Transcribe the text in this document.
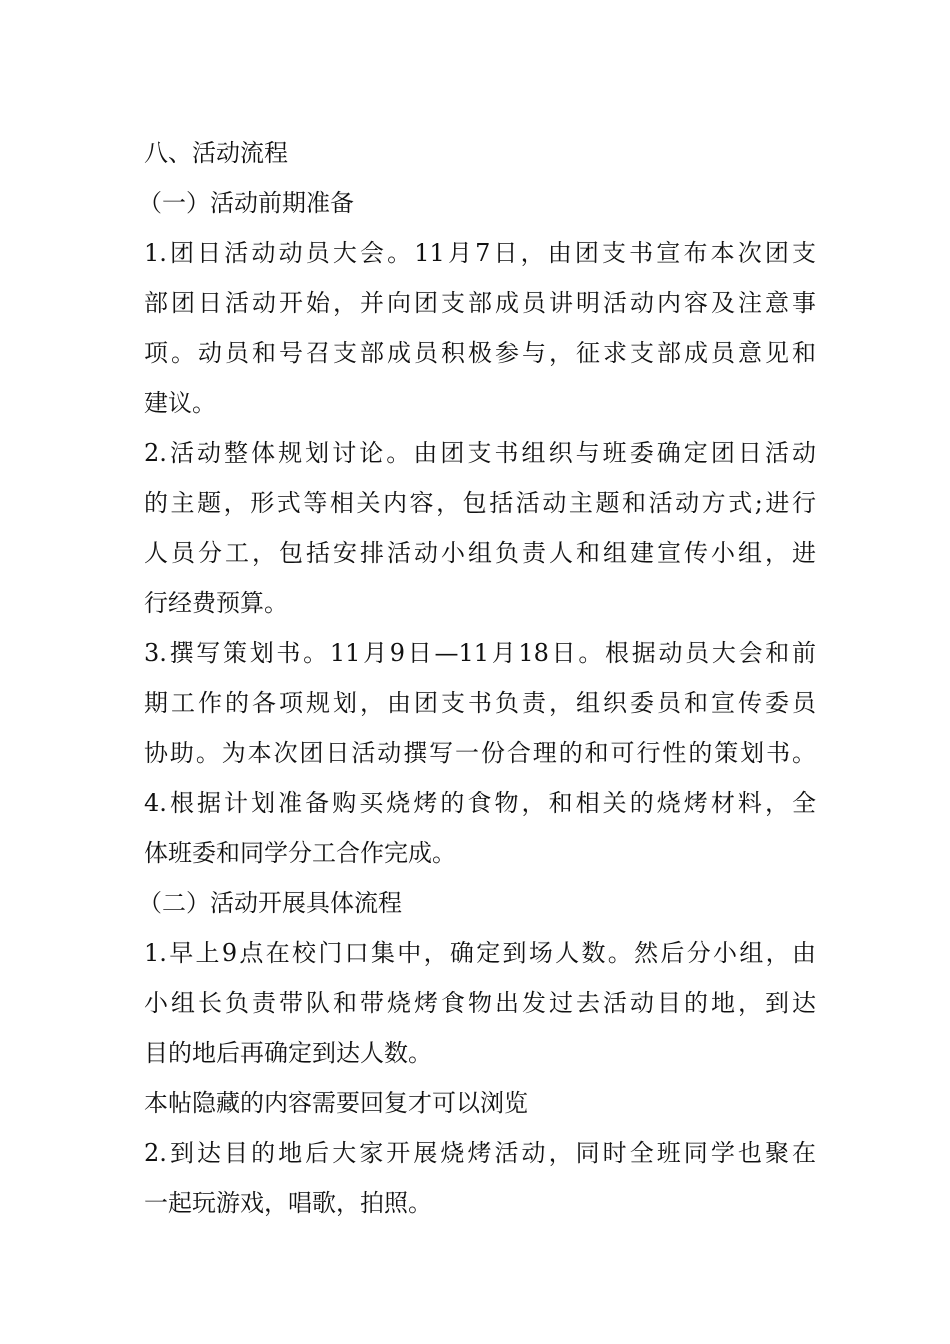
八、活动流程
（一）活动前期准备
1.团日活动动员大会。11月7日，由团支书宣布本次团支
部团日活动开始，并向团支部成员讲明活动内容及注意事
项。动员和号召支部成员积极参与，征求支部成员意见和
建议。
2.活动整体规划讨论。由团支书组织与班委确定团日活动
的主题，形式等相关内容，包括活动主题和活动方式;进行
人员分工，包括安排活动小组负责人和组建宣传小组，进
行经费预算。
3.撰写策划书。11月9日—11月18日。根据动员大会和前
期工作的各项规划，由团支书负责，组织委员和宣传委员
协助。为本次团日活动撰写一份合理的和可行性的策划书。
4.根据计划准备购买烧烤的食物，和相关的烧烤材料，全
体班委和同学分工合作完成。
（二）活动开展具体流程
1.早上9点在校门口集中，确定到场人数。然后分小组，由
小组长负责带队和带烧烤食物出发过去活动目的地，到达
目的地后再确定到达人数。
本帖隐藏的内容需要回复才可以浏览
2.到达目的地后大家开展烧烤活动，同时全班同学也聚在
一起玩游戏，唱歌，拍照。
